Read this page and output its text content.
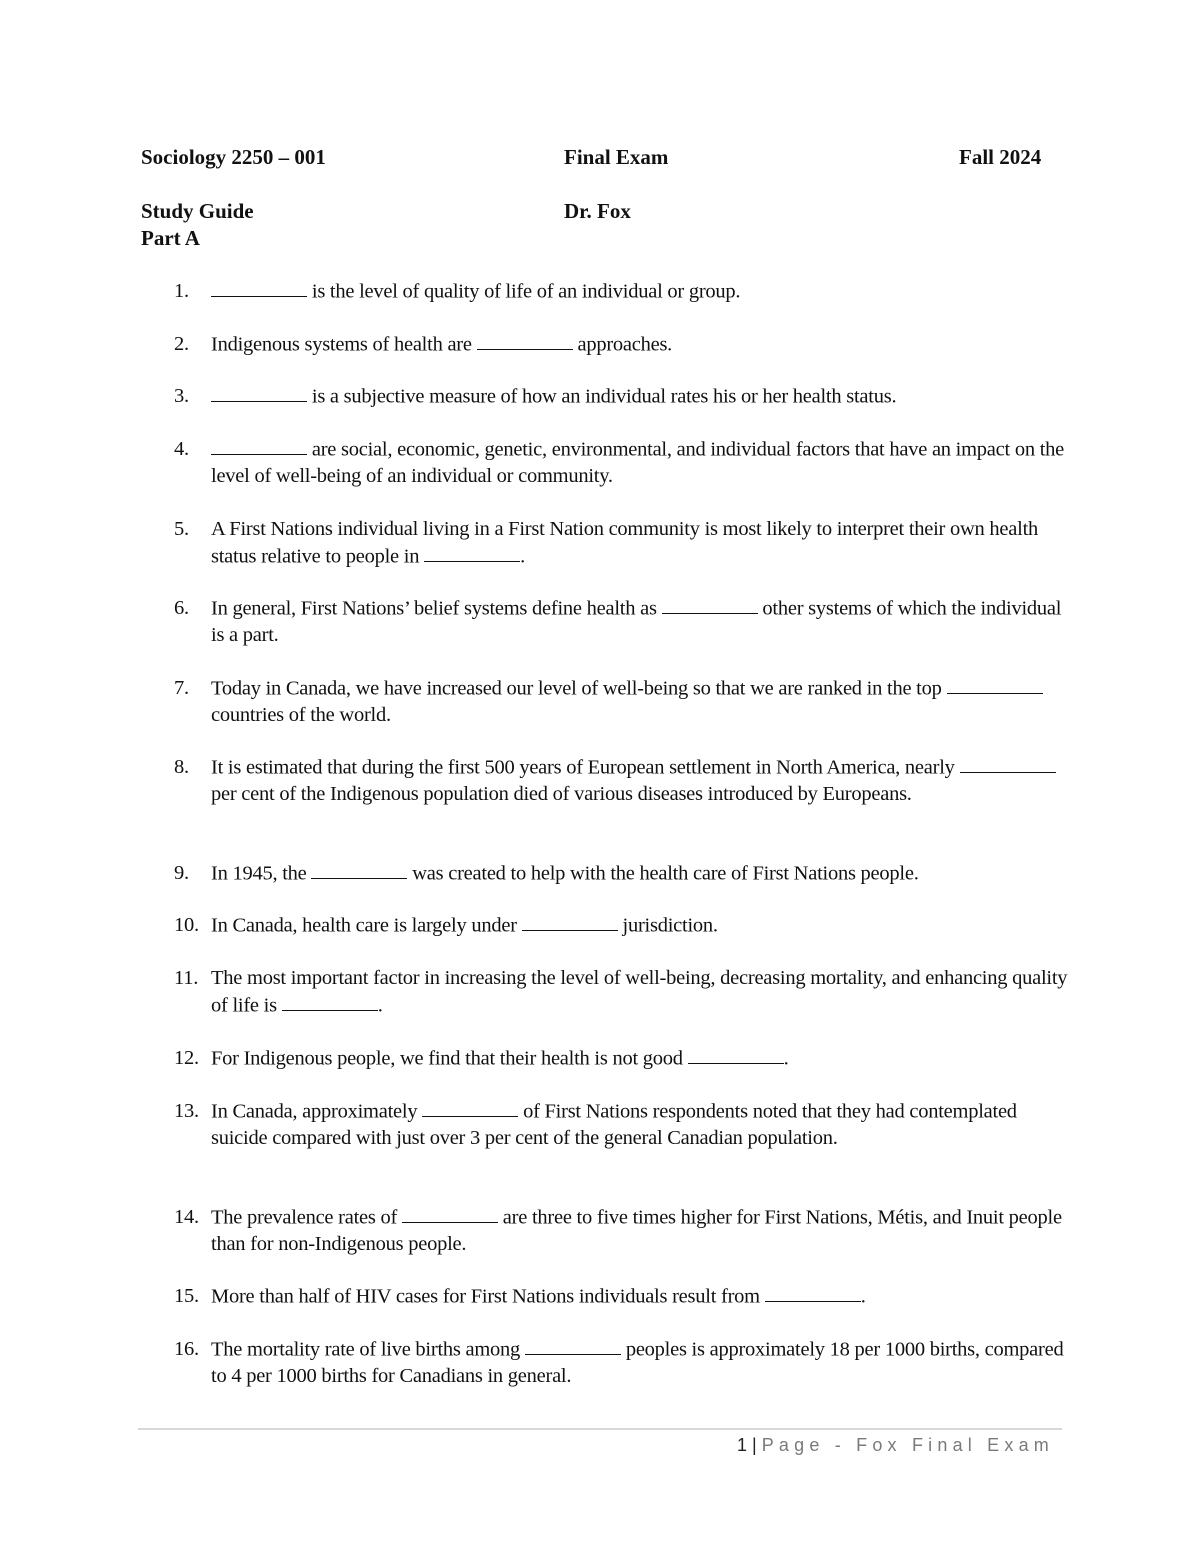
Sociology 2250 – 001	Final Exam	Fall 2024
Study Guide	Dr. Fox
Part A
1.	is the level of quality of life of an individual or group.
2.	Indigenous systems of health are	approaches.
3.	is a subjective measure of how an individual rates his or her health status.
4.	are social, economic, genetic, environmental, and individual factors that have an impact on the level of well-being of an individual or community.
5.	A First Nations individual living in a First Nation community is most likely to interpret their own health status relative to people in	.
6.	In general, First Nations’ belief systems define health as	other systems of which the individual is a part.
7.	Today in Canada, we have increased our level of well-being so that we are ranked in the top  countries of the world.
8.	It is estimated that during the first 500 years of European settlement in North America, nearly  per cent of the Indigenous population died of various diseases introduced by Europeans.
9.	In 1945, the	was created to help with the health care of First Nations people.
10. In Canada, health care is largely under	jurisdiction.
11. The most important factor in increasing the level of well-being, decreasing mortality, and enhancing quality of life is	.
12. For Indigenous people, we find that their health is not good	.
13. In Canada, approximately	of First Nations respondents noted that they had contemplated suicide compared with just over 3 per cent of the general Canadian population.
14. The prevalence rates of	are three to five times higher for First Nations, Métis, and Inuit people than for non-Indigenous people.
15. More than half of HIV cases for First Nations individuals result from	.
16. The mortality rate of live births among	peoples is approximately 18 per 1000 births, compared to 4 per 1000 births for Canadians in general.
1 | Page - Fox Final Exam
